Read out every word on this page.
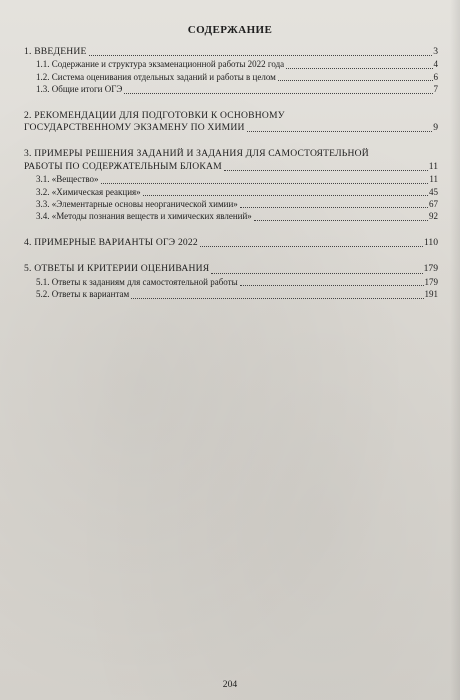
СОДЕРЖАНИЕ
1. ВВЕДЕНИЕ	3
1.1. Содержание и структура экзаменационной работы 2022 года	4
1.2. Система оценивания отдельных заданий и работы в целом	6
1.3. Общие итоги ОГЭ	7
2. РЕКОМЕНДАЦИИ ДЛЯ ПОДГОТОВКИ К ОСНОВНОМУ
ГОСУДАРСТВЕННОМУ ЭКЗАМЕНУ ПО ХИМИИ	9
3. ПРИМЕРЫ РЕШЕНИЯ ЗАДАНИЙ И ЗАДАНИЯ ДЛЯ САМОСТОЯТЕЛЬНОЙ
РАБОТЫ ПО СОДЕРЖАТЕЛЬНЫМ БЛОКАМ	11
3.1. «Вещество»	11
3.2. «Химическая реакция»	45
3.3. «Элементарные основы неорганической химии»	67
3.4. «Методы познания веществ и химических явлений»	92
4. ПРИМЕРНЫЕ ВАРИАНТЫ ОГЭ 2022	110
5. ОТВЕТЫ И КРИТЕРИИ ОЦЕНИВАНИЯ	179
5.1. Ответы к заданиям для самостоятельной работы	179
5.2. Ответы к вариантам	191
204
